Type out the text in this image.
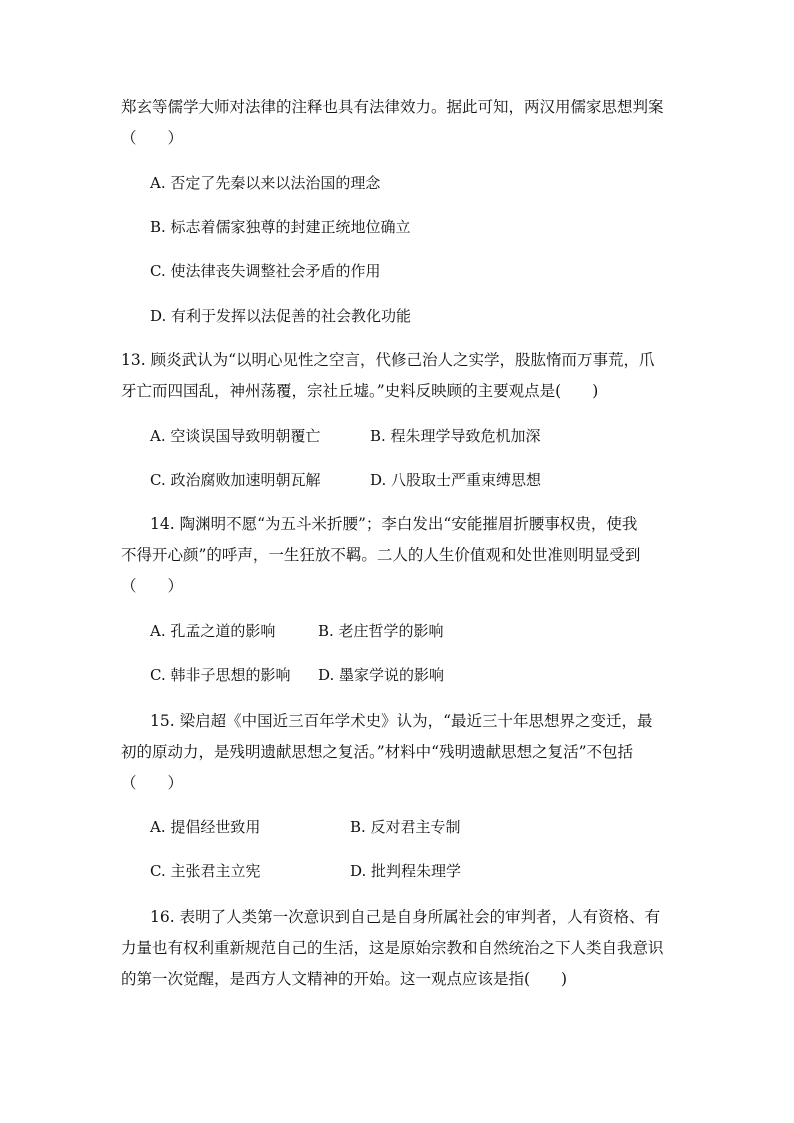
郑玄等儒学大师对法律的注释也具有法律效力。据此可知，两汉用儒家思想判案
（　　）
A. 否定了先秦以来以法治国的理念
B. 标志着儒家独尊的封建正统地位确立
C. 使法律丧失调整社会矛盾的作用
D. 有利于发挥以法促善的社会教化功能
13. 顾炎武认为“以明心见性之空言，代修己治人之实学，股肱惰而万事荒，爪
牙亡而四国乱，神州荡覆，宗社丘墟。”史料反映顾的主要观点是(　　)
A. 空谈误国导致明朝覆亡	B. 程朱理学导致危机加深
C. 政治腐败加速明朝瓦解	D. 八股取士严重束缚思想
14. 陶渊明不愿“为五斗米折腰”；李白发出“安能摧眉折腰事权贵，使我
不得开心颜”的呼声，一生狂放不羁。二人的人生价值观和处世准则明显受到
（　　）
A. 孔孟之道的影响	B. 老庄哲学的影响
C. 韩非子思想的影响 D. 墨家学说的影响
15. 梁启超《中国近三百年学术史》认为，“最近三十年思想界之变迁，最
初的原动力，是残明遗献思想之复活。”材料中“残明遗献思想之复活”不包括
（　　）
A. 提倡经世致用	B. 反对君主专制
C. 主张君主立宪	D. 批判程朱理学
16. 表明了人类第一次意识到自己是自身所属社会的审判者，人有资格、有
力量也有权利重新规范自己的生活，这是原始宗教和自然统治之下人类自我意识
的第一次觉醒，是西方人文精神的开始。这一观点应该是指(　　)
